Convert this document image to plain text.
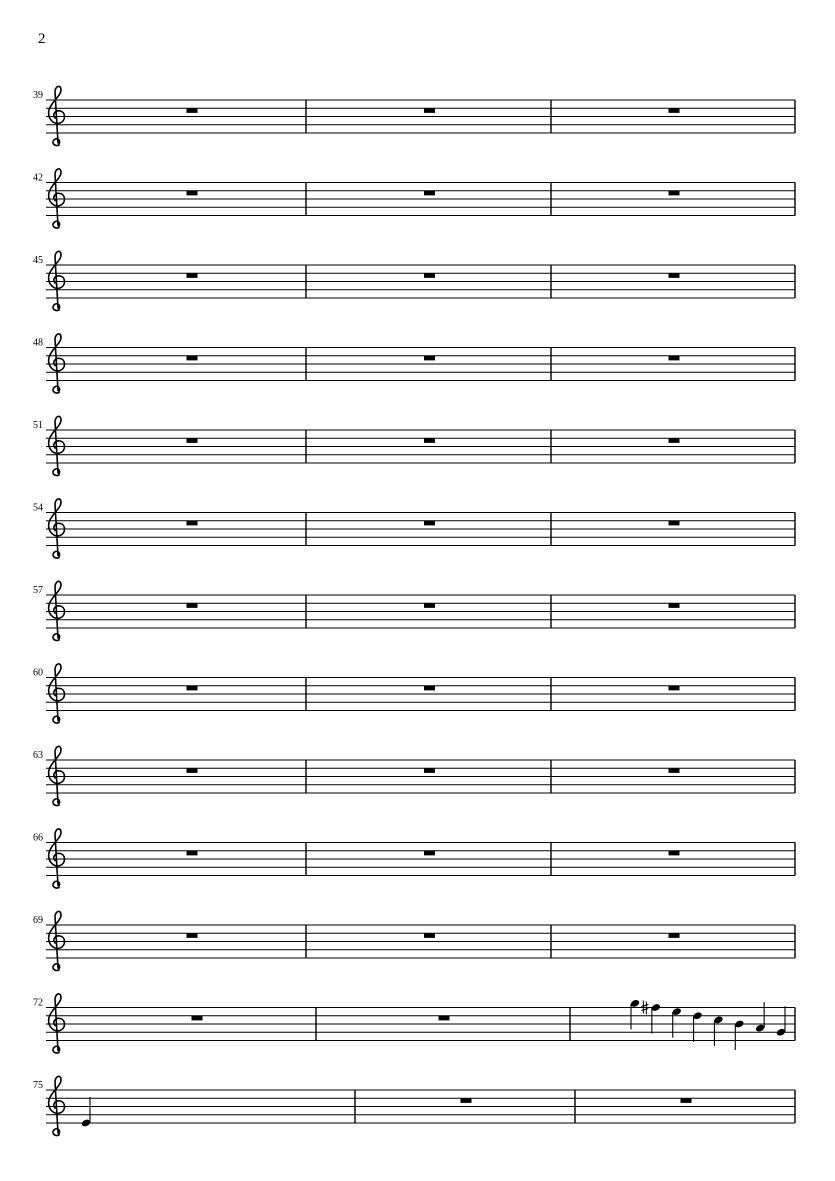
2
39
42
45
48
51
54
57
60
63
66
69
72
75
